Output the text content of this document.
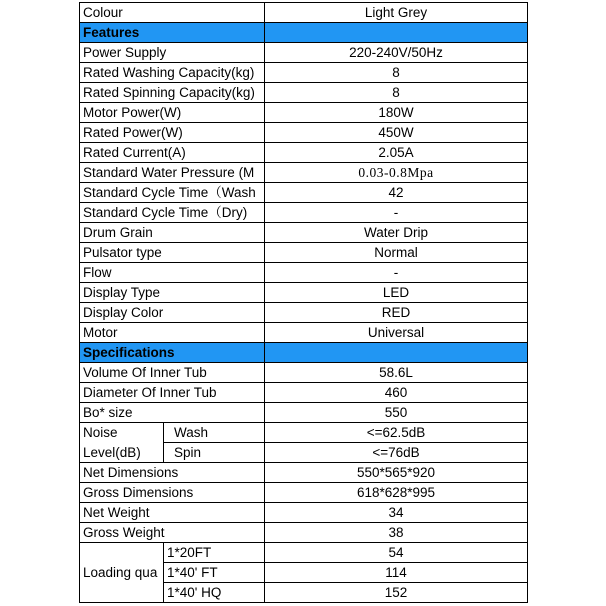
Colour		Light Grey
Features		
Power Supply		220-240V/50Hz
Rated Washing Capacity(kg)		8
Rated Spinning Capacity(kg)		8
Motor Power(W)		180W
Rated Power(W)		450W
Rated Current(A)		2.05A
Standard Water Pressure (M		0.03-0.8Mpa
Standard Cycle Time（Wash		42
Standard Cycle Time（Dry)		-
Drum Grain		Water Drip
Pulsator type		Normal
Flow		-
Display Type		LED
Display Color		RED
Motor		Universal
Specifications		
Volume Of Inner Tub		58.6L
Diameter Of Inner Tub		460
Bo* size		550
Noise	Wash	<=62.5dB
Level(dB)	Spin	<=76dB
Net Dimensions		550*565*920
Gross Dimensions		618*628*995
Net Weight		34
Gross Weight		38
Loading qua	1*20FT	54
	1*40' FT	114
	1*40' HQ	152
